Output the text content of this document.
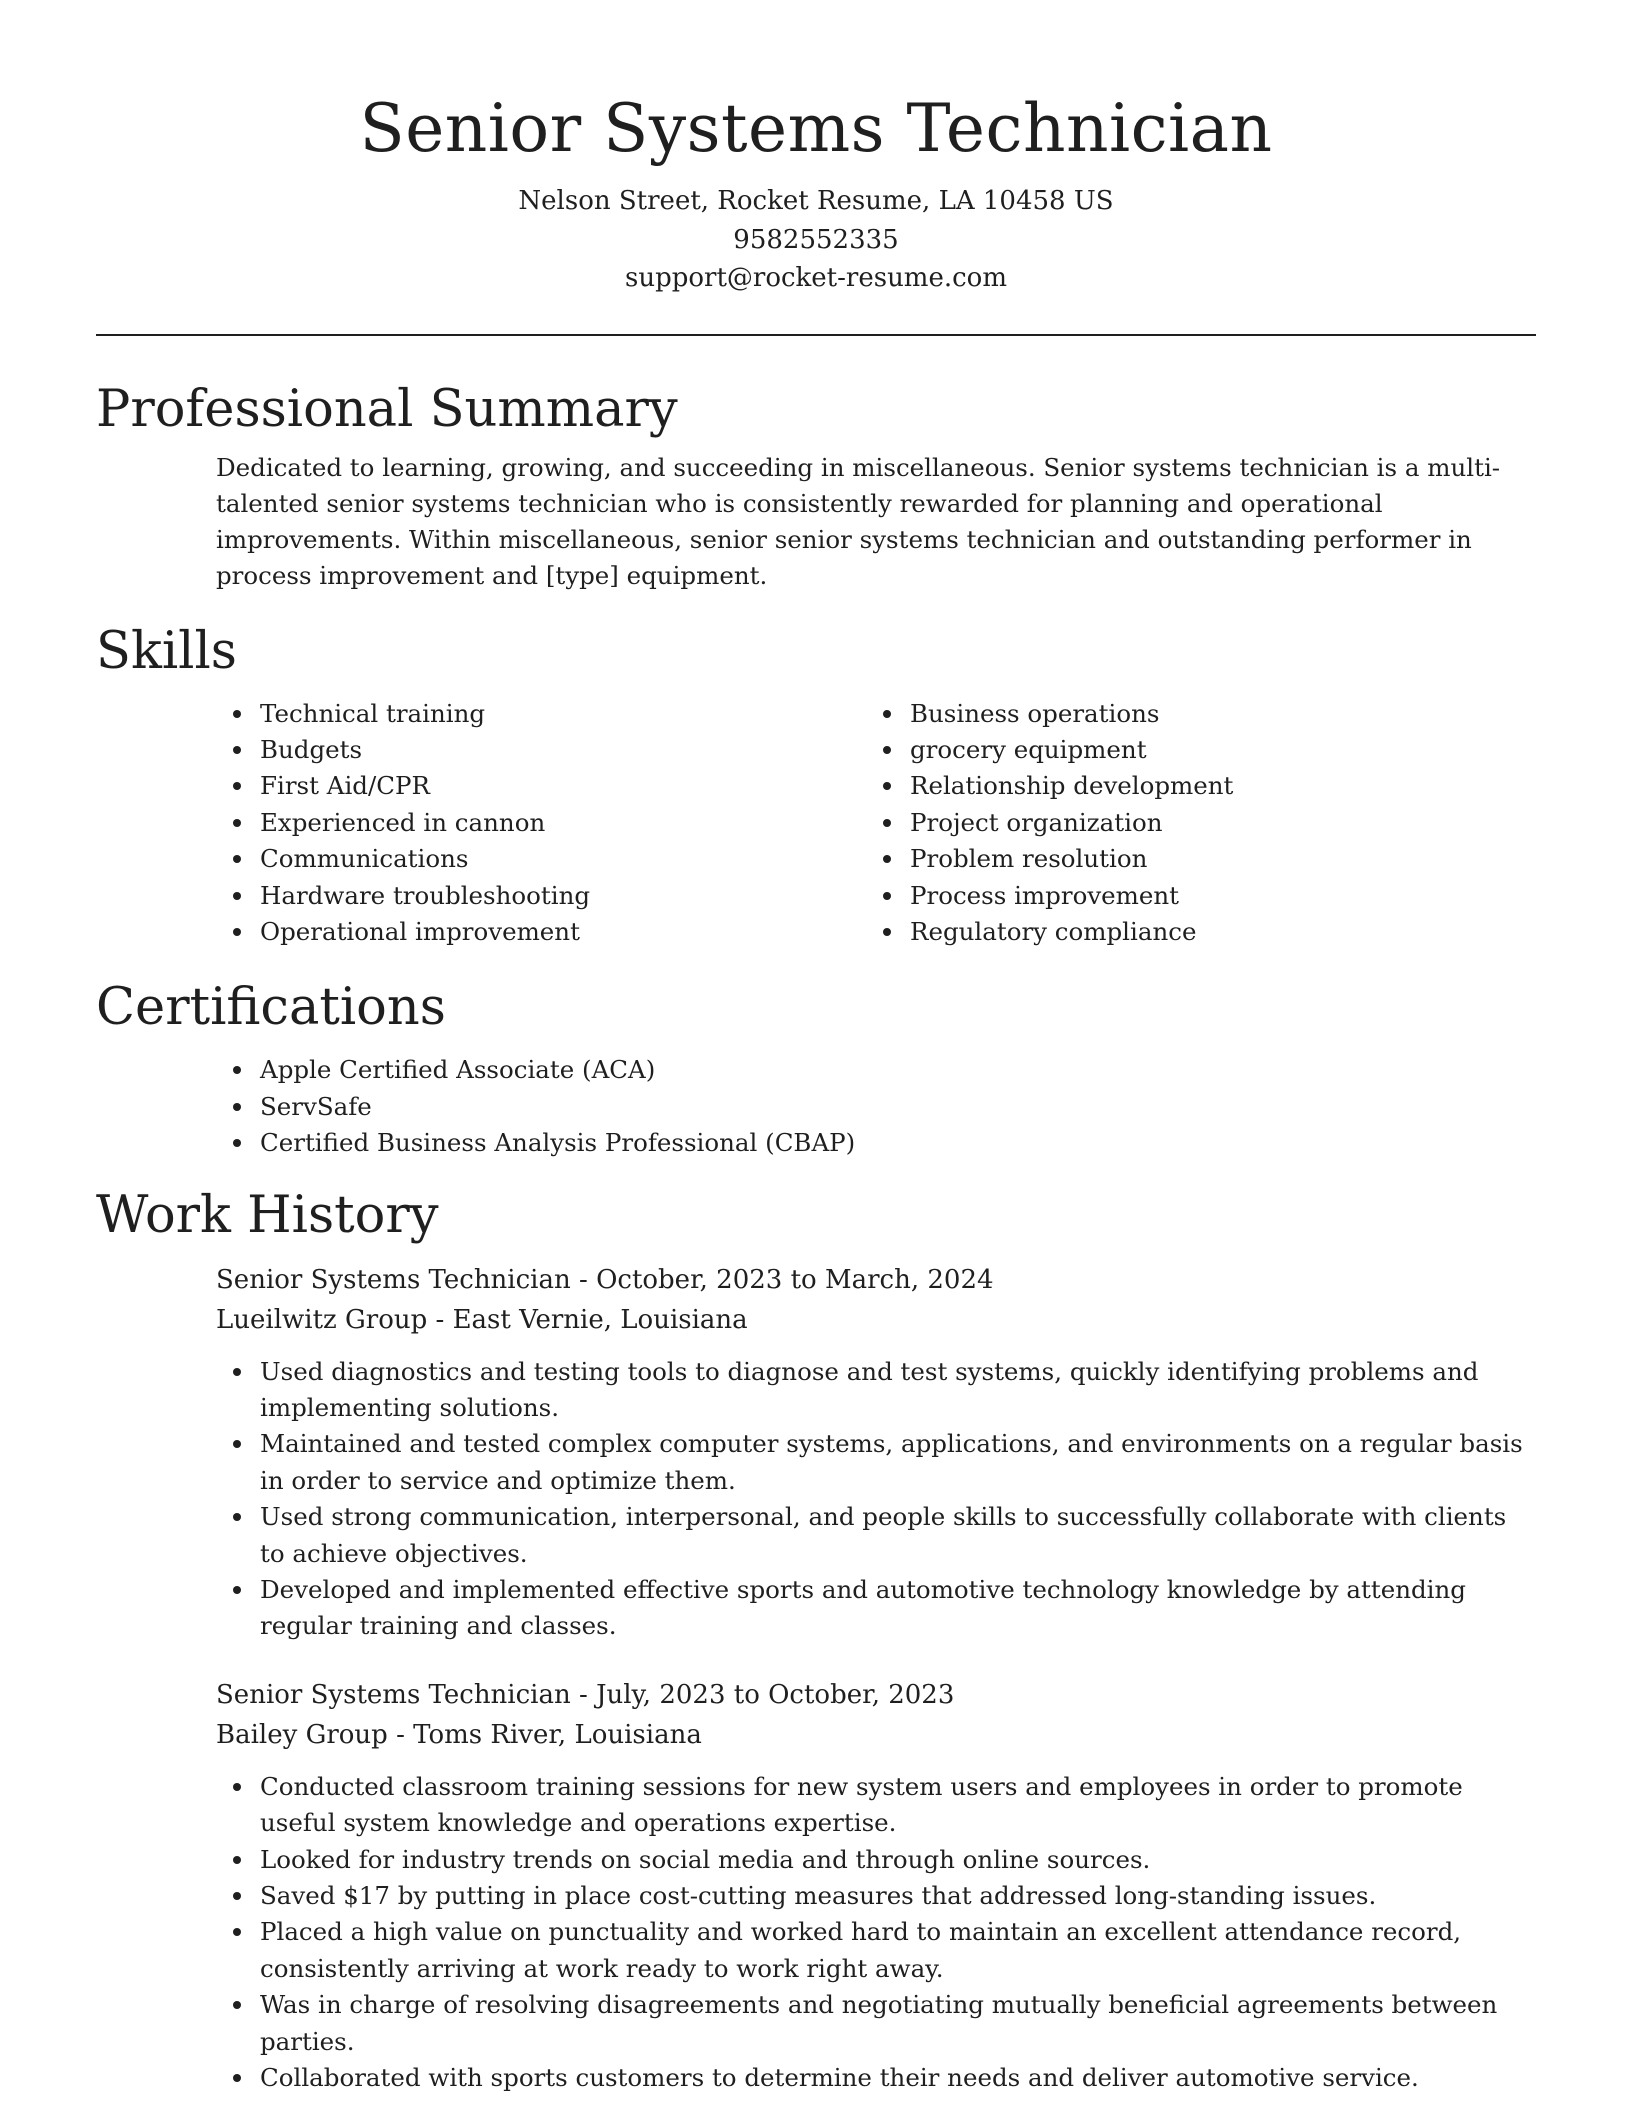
Senior Systems Technician

Nelson Street, Rocket Resume, LA 10458 US

9582552335

support@rocket-resume.com

Professional Summary

Dedicated to learning, growing, and succeeding in miscellaneous. Senior systems technician is a multi-talented senior systems technician who is consistently rewarded for planning and operational improvements. Within miscellaneous, senior senior systems technician and outstanding performer in process improvement and [type] equipment.

Skills
Technical training
Budgets
First Aid/CPR
Experienced in cannon
Communications
Hardware troubleshooting
Operational improvement
Business operations
grocery equipment
Relationship development
Project organization
Problem resolution
Process improvement
Regulatory compliance
Certifications
Apple Certified Associate (ACA)
ServSafe
Certified Business Analysis Professional (CBAP)
Work History
Senior Systems Technician - October, 2023 to March, 2024
Lueilwitz Group - East Vernie, Louisiana
Used diagnostics and testing tools to diagnose and test systems, quickly identifying problems and implementing solutions.
Maintained and tested complex computer systems, applications, and environments on a regular basis in order to service and optimize them.
Used strong communication, interpersonal, and people skills to successfully collaborate with clients to achieve objectives.
Developed and implemented effective sports and automotive technology knowledge by attending regular training and classes.
Senior Systems Technician - July, 2023 to October, 2023
Bailey Group - Toms River, Louisiana
Conducted classroom training sessions for new system users and employees in order to promote useful system knowledge and operations expertise.
Looked for industry trends on social media and through online sources.
Saved $17 by putting in place cost-cutting measures that addressed long-standing issues.
Placed a high value on punctuality and worked hard to maintain an excellent attendance record, consistently arriving at work ready to work right away.
Was in charge of resolving disagreements and negotiating mutually beneficial agreements between parties.
Collaborated with sports customers to determine their needs and deliver automotive service.
